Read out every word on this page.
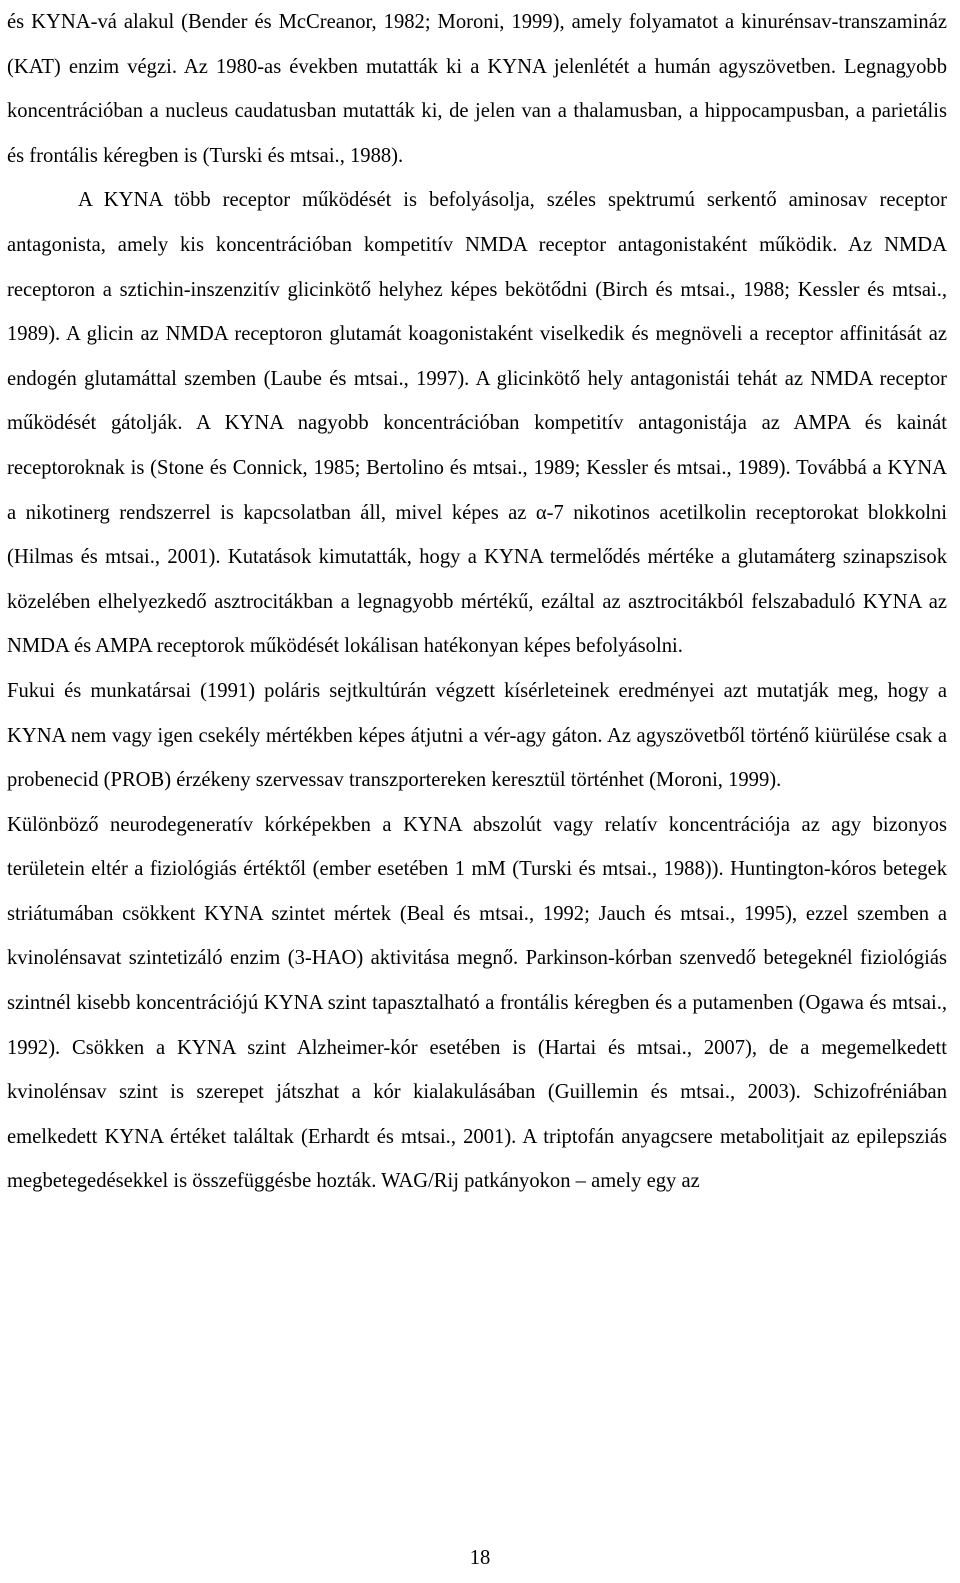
és KYNA-vá alakul (Bender és McCreanor, 1982; Moroni, 1999), amely folyamatot a kinurénsav-transzamináz (KAT) enzim végzi. Az 1980-as években mutatták ki a KYNA jelenlétét a humán agyszövetben. Legnagyobb koncentrációban a nucleus caudatusban mutatták ki, de jelen van a thalamusban, a hippocampusban, a parietális és frontális kéregben is (Turski és mtsai., 1988).

A KYNA több receptor működését is befolyásolja, széles spektrumú serkentő aminosav receptor antagonista, amely kis koncentrációban kompetitív NMDA receptor antagonistaként működik. Az NMDA receptoron a sztichin-inszenzitív glicinkötő helyhez képes bekötődni (Birch és mtsai., 1988; Kessler és mtsai., 1989). A glicin az NMDA receptoron glutamát koagonistaként viselkedik és megnöveli a receptor affinitását az endogén glutamáttal szemben (Laube és mtsai., 1997). A glicinkötő hely antagonistái tehát az NMDA receptor működését gátolják. A KYNA nagyobb koncentrációban kompetitív antagonistája az AMPA és kainát receptoroknak is (Stone és Connick, 1985; Bertolino és mtsai., 1989; Kessler és mtsai., 1989). Továbbá a KYNA a nikotinerg rendszerrel is kapcsolatban áll, mivel képes az α-7 nikotinos acetilkolin receptorokat blokkolni (Hilmas és mtsai., 2001). Kutatások kimutatták, hogy a KYNA termelődés mértéke a glutamáterg szinapszisok közelében elhelyezkedő asztrocitákban a legnagyobb mértékű, ezáltal az asztrocitákból felszabaduló KYNA az NMDA és AMPA receptorok működését lokálisan hatékonyan képes befolyásolni.

Fukui és munkatársai (1991) poláris sejtkultúrán végzett kísérleteinek eredményei azt mutatják meg, hogy a KYNA nem vagy igen csekély mértékben képes átjutni a vér-agy gáton. Az agyszövetből történő kiürülése csak a probenecid (PROB) érzékeny szervessav transzportereken keresztül történhet (Moroni, 1999).

Különböző neurodegeneratív kórképekben a KYNA abszolút vagy relatív koncentrációja az agy bizonyos területein eltér a fiziológiás értéktől (ember esetében 1 mM (Turski és mtsai., 1988)). Huntington-kóros betegek striátumában csökkent KYNA szintet mértek (Beal és mtsai., 1992; Jauch és mtsai., 1995), ezzel szemben a kvinolénsavat szintetizáló enzim (3-HAO) aktivitása megnő. Parkinson-kórban szenvedő betegeknél fiziológiás szintnél kisebb koncentrációjú KYNA szint tapasztalható a frontális kéregben és a putamenben (Ogawa és mtsai., 1992). Csökken a KYNA szint Alzheimer-kór esetében is (Hartai és mtsai., 2007), de a megemelkedett kvinolénsav szint is szerepet játszhat a kór kialakulásában (Guillemin és mtsai., 2003). Schizofréniában emelkedett KYNA értéket találtak (Erhardt és mtsai., 2001). A triptofán anyagcsere metabolitjait az epilepsziás megbetegedésekkel is összefüggésbe hozták. WAG/Rij patkányokon – amely egy az

18
